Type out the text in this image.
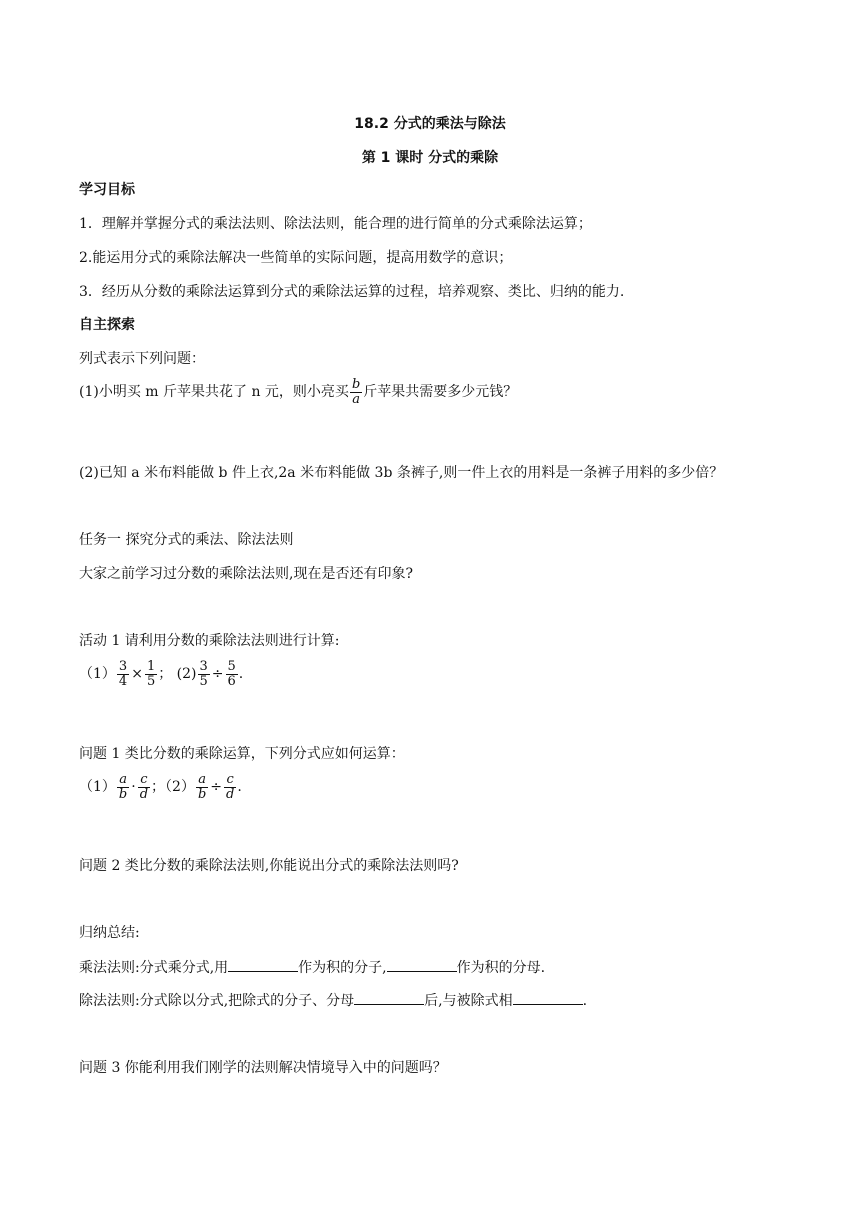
18.2 分式的乘法与除法
第 1 课时 分式的乘除
学习目标
1．理解并掌握分式的乘法法则、除法法则，能合理的进行简单的分式乘除法运算；
2.能运用分式的乘除法解决一些简单的实际问题，提高用数学的意识；
3．经历从分数的乘除法运算到分式的乘除法运算的过程，培养观察、类比、归纳的能力.
自主探索
列式表示下列问题：
(1)小明买 m 斤苹果共花了 n 元，则小亮买 $\frac{b}{a}$ 斤苹果共需要多少元钱？
(2)已知 a 米布料能做 b 件上衣,2a 米布料能做 3b 条裤子,则一件上衣的用料是一条裤子用料的多少倍？
任务一 探究分式的乘法、除法法则
大家之前学习过分数的乘除法法则,现在是否还有印象?
活动 1 请利用分数的乘除法法则进行计算:
$(1) \frac{3}{4} \times \frac{1}{5}$ ； $(2) \frac{3}{5} \div \frac{5}{6}$ .
问题 1 类比分数的乘除运算，下列分式应如何运算：
$(1) \frac{a}{b} \cdot \frac{c}{d}$ ；$(2) \frac{a}{b} \div \frac{c}{d}$ .
问题 2 类比分数的乘除法法则,你能说出分式的乘除法法则吗?
归纳总结:
乘法法则:分式乘分式,用	作为积的分子,	作为积的分母.
除法法则:分式除以分式,把除式的分子、分母	后,与被除式相	.
问题 3 你能利用我们刚学的法则解决情境导入中的问题吗？
